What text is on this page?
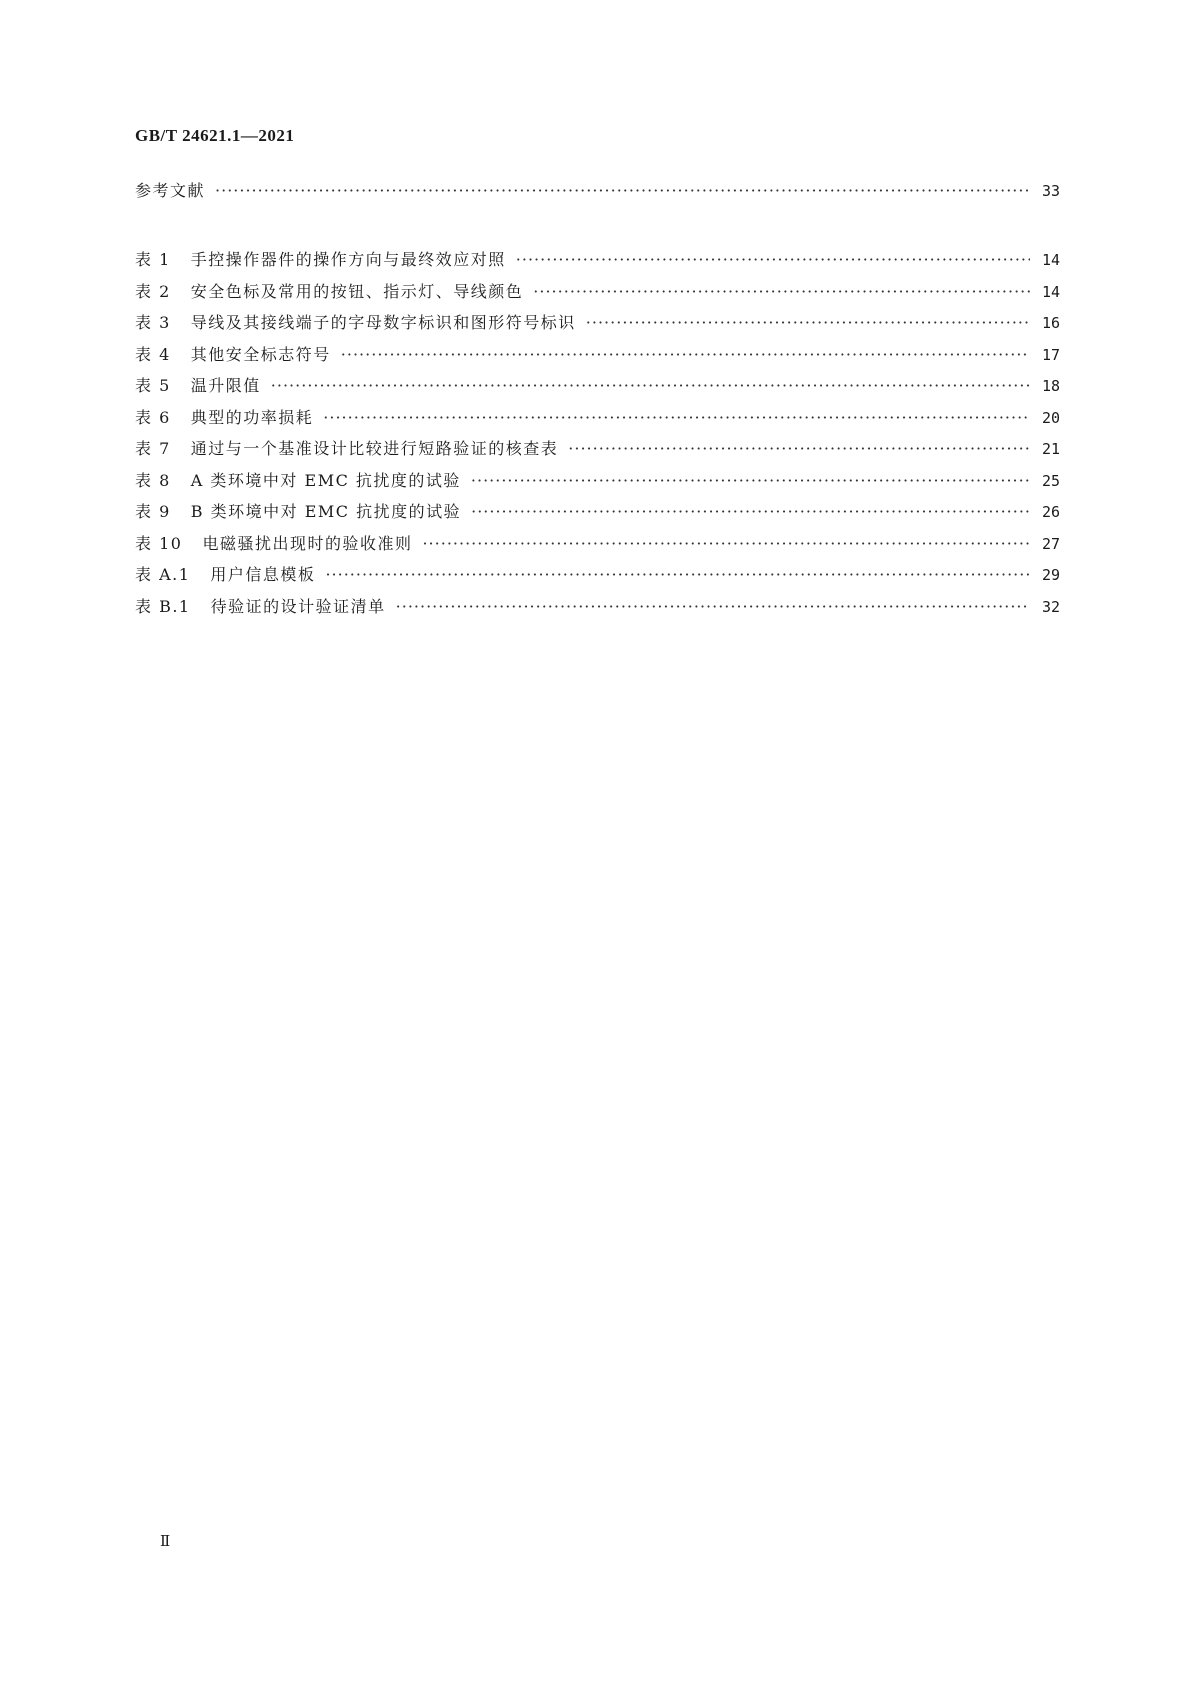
GB/T 24621.1—2021
参考文献 ·····	33
表 1 手控操作器件的操作方向与最终效应对照 ·····	14
表 2 安全色标及常用的按钮、指示灯、导线颜色 ·····	14
表 3 导线及其接线端子的字母数字标识和图形符号标识 ·····	16
表 4 其他安全标志符号 ·····	17
表 5 温升限值 ·····	18
表 6 典型的功率损耗 ·····	20
表 7 通过与一个基准设计比较进行短路验证的核查表 ·····	21
表 8 A 类环境中对 EMC 抗扰度的试验 ·····	25
表 9 B 类环境中对 EMC 抗扰度的试验 ·····	26
表 10 电磁骚扰出现时的验收准则 ·····	27
表 A.1 用户信息模板 ·····	29
表 B.1 待验证的设计验证清单 ·····	32
Ⅱ
